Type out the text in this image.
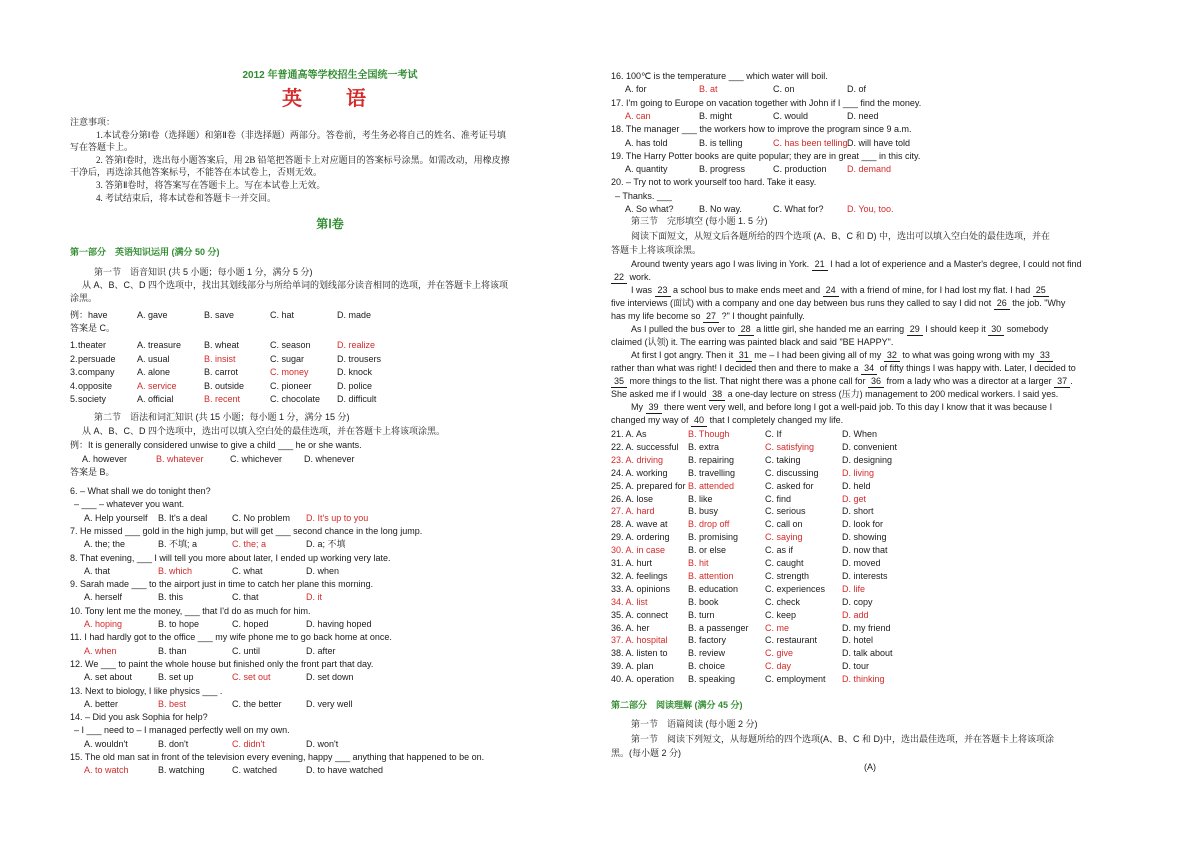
2012 年普通高等学校招生全国统一考试
英　语
注意事项：
1.本试卷分第Ⅰ卷（选择题）和第Ⅱ卷（非选择题）两部分。答卷前，考生务必将自己的姓名、准考证号填
写在答题卡上。
2. 答第Ⅰ卷时，选出每小题答案后，用 2B 铅笔把答题卡上对应题目的答案标号涂黑。如需改动，用橡皮擦
干净后，再选涂其他答案标号，不能答在本试卷上，否则无效。
3. 答第Ⅱ卷时，将答案写在答题卡上。写在本试卷上无效。
4. 考试结束后，将本试卷和答题卡一并交回。
第Ⅰ卷
第一部分　英语知识运用 (满分 50 分)
第一节　语音知识 (共 5 小题；每小题 1 分，满分 5 分)
从 A、B、C、D 四个选项中，找出其划线部分与所给单词的划线部分读音相同的选项，并在答题卡上将该项
涂黑。
例：have	A. gave	B. save	C. hat	D. made
答案是 C。
1.theater	A. treasure	B. wheat	C. season	D. realize
2.persuade A. usual	B. insist	C. sugar	D. trousers
3.company A. alone	B. carrot	C. money	D. knock
4.opposite	A. service	B. outside	C. pioneer	D. police
5.society	A. official	B. recent	C. chocolate D. difficult
第二节　语法和词汇知识 (共 15 小题；每小题 1 分，满分 15 分)
从 A、B、C、D 四个选项中，选出可以填入空白处的最佳选项，并在答题卡上将该项涂黑。
例：It is generally considered unwise to give a child ___ he or she wants.
A. however	B. whatever	C. whichever D. whenever
答案是 B。
6. – What shall we do tonight then?
– ___ – whatever you want.
A. Help yourself B. It's a deal	C. No problem D. It's up to you
7. He missed ___ gold in the high jump, but will get ___ second chance in the long jump.
A. the; the	B. 不填; a	C. the; a	D. a; 不填
8. That evening, ___ I will tell you more about later, I ended up working very late.
A. that	B. which	C. what	D. when
9. Sarah made ___ to the airport just in time to catch her plane this morning.
A. herself	B. this	C. that	D. it
10. Tony lent me the money, ___ that I'd do as much for him.
A. hoping	B. to hope	C. hoped	D. having hoped
11. I had hardly got to the office ___ my wife phone me to go back home at once.
A. when	B. than	C. until	D. after
12. We ___ to paint the whole house but finished only the front part that day.
A. set about	B. set up	C. set out	D. set down
13. Next to biology, I like physics ___ .
A. better	B. best	C. the better	D. very well
14. – Did you ask Sophia for help?
– I ___ need to – I managed perfectly well on my own.
A. wouldn't	B. don't	C. didn't	D. won't
15. The old man sat in front of the television every evening, happy ___ anything that happened to be on.
A. to watch	B. watching	C. watched	D. to have watched
16. 100℃ is the temperature ___ which water will boil.
A. for	B. at	C. on	D. of
17. I'm going to Europe on vacation together with John if I ___ find the money.
A. can	B. might	C. would	D. need
18. The manager ___ the workers how to improve the program since 9 a.m.
A. has told	B. is telling	C. has been tellingD. will have told
19. The Harry Potter books are quite popular; they are in great ___ in this city.
A. quantity	B. progress	C. production D. demand
20. – Try not to work yourself too hard. Take it easy.
– Thanks. ___
A. So what?	B. No way.	C. What for?	D. You, too.
第三节　完形填空 (每小题 1. 5 分)
阅读下面短文，从短文后各题所给的四个选项 (A、B、C 和 D) 中，选出可以填入空白处的最佳选项，并在
答题卡上将该项涂黑。
Around twenty years ago I was living in York. 21 I had a lot of experience and a Master's degree, I could not find
22 work.
I was 23 a school bus to make ends meet and 24 with a friend of mine, for I had lost my flat. I had 25
five interviews (面试) with a company and one day between bus runs they called to say I did not 26 the job. "Why
has my life become so 27 ?" I thought painfully.
As I pulled the bus over to 28 a little girl, she handed me an earring 29 I should keep it 30 somebody
claimed (认领) it. The earring was painted black and said "BE HAPPY".
At first I got angry. Then it 31 me – I had been giving all of my 32 to what was going wrong with my 33
rather than what was right! I decided then and there to make a 34 of fifty things I was happy with. Later, I decided to
35 more things to the list. That night there was a phone call for 36 from a lady who was a director at a larger 37 .
She asked me if I would 38 a one-day lecture on stress (压力) management to 200 medical workers. I said yes.
My 39 there went very well, and before long I got a well-paid job. To this day I know that it was because I
changed my way of 40 that I completely changed my life.
21. A. As	B. Though	C. If	D. When
22. A. successful B. extra	C. satisfying	D. convenient
23. A. driving	B. repairing	C. taking	D. designing
24. A. working B. travelling	C. discussing	D. living
25. A. prepared for B. attended	C. asked for	D. held
26. A. lose	B. like	C. find	D. get
27. A. hard	B. busy	C. serious	D. short
28. A. wave at B. drop off	C. call on	D. look for
29. A. ordering B. promising	C. saying	D. showing
30. A. in case	B. or else	C. as if	D. now that
31. A. hurt	B. hit	C. caught	D. moved
32. A. feelings B. attention	C. strength	D. interests
33. A. opinions B. education	C. experiences D. life
34. A. list	B. book	C. check	D. copy
35. A. connect B. turn	C. keep	D. add
36. A. her	B. a passenger C. me	D. my friend
37. A. hospital B. factory	C. restaurant	D. hotel
38. A. listen to B. review	C. give	D. talk about
39. A. plan	B. choice	C. day	D. tour
40. A. operation B. speaking	C. employment D. thinking
第二部分　阅读理解 (满分 45 分)
第一节　语篇阅读 (每小题 2 分)
第一节　阅读下列短文，从每题所给的四个选项(A、B、C 和 D)中，选出最佳选项，并在答题卡上将该项涂
黑。(每小题 2 分)
(A)
